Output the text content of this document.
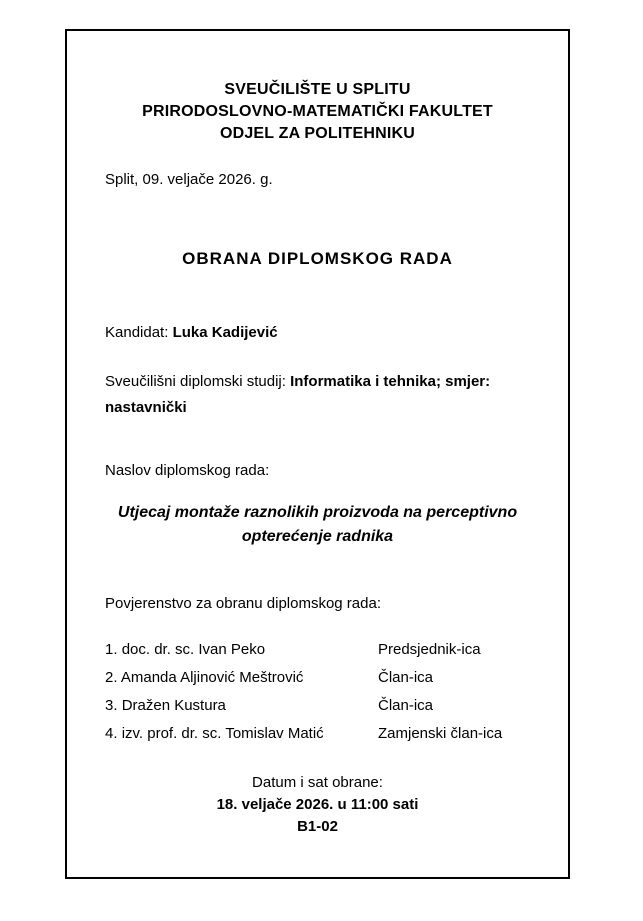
SVEUČILIŠTE U SPLITU
PRIRODOSLOVNO-MATEMATIČKI FAKULTET
ODJEL ZA POLITEHNIKU
Split, 09. veljače 2026. g.
OBRANA DIPLOMSKOG RADA
Kandidat: Luka Kadijević
Sveučilišni diplomski studij: Informatika i tehnika; smjer: nastavnički
Naslov diplomskog rada:
Utjecaj montaže raznolikih proizvoda na perceptivno opterećenje radnika
Povjerenstvo za obranu diplomskog rada:
1. doc. dr. sc. Ivan Peko	Predsjednik-ica
2. Amanda Aljinović Meštrović	Član-ica
3. Dražen Kustura	Član-ica
4. izv. prof. dr. sc. Tomislav Matić	Zamjenski član-ica
Datum i sat obrane:
18. veljače 2026. u 11:00 sati
B1-02
